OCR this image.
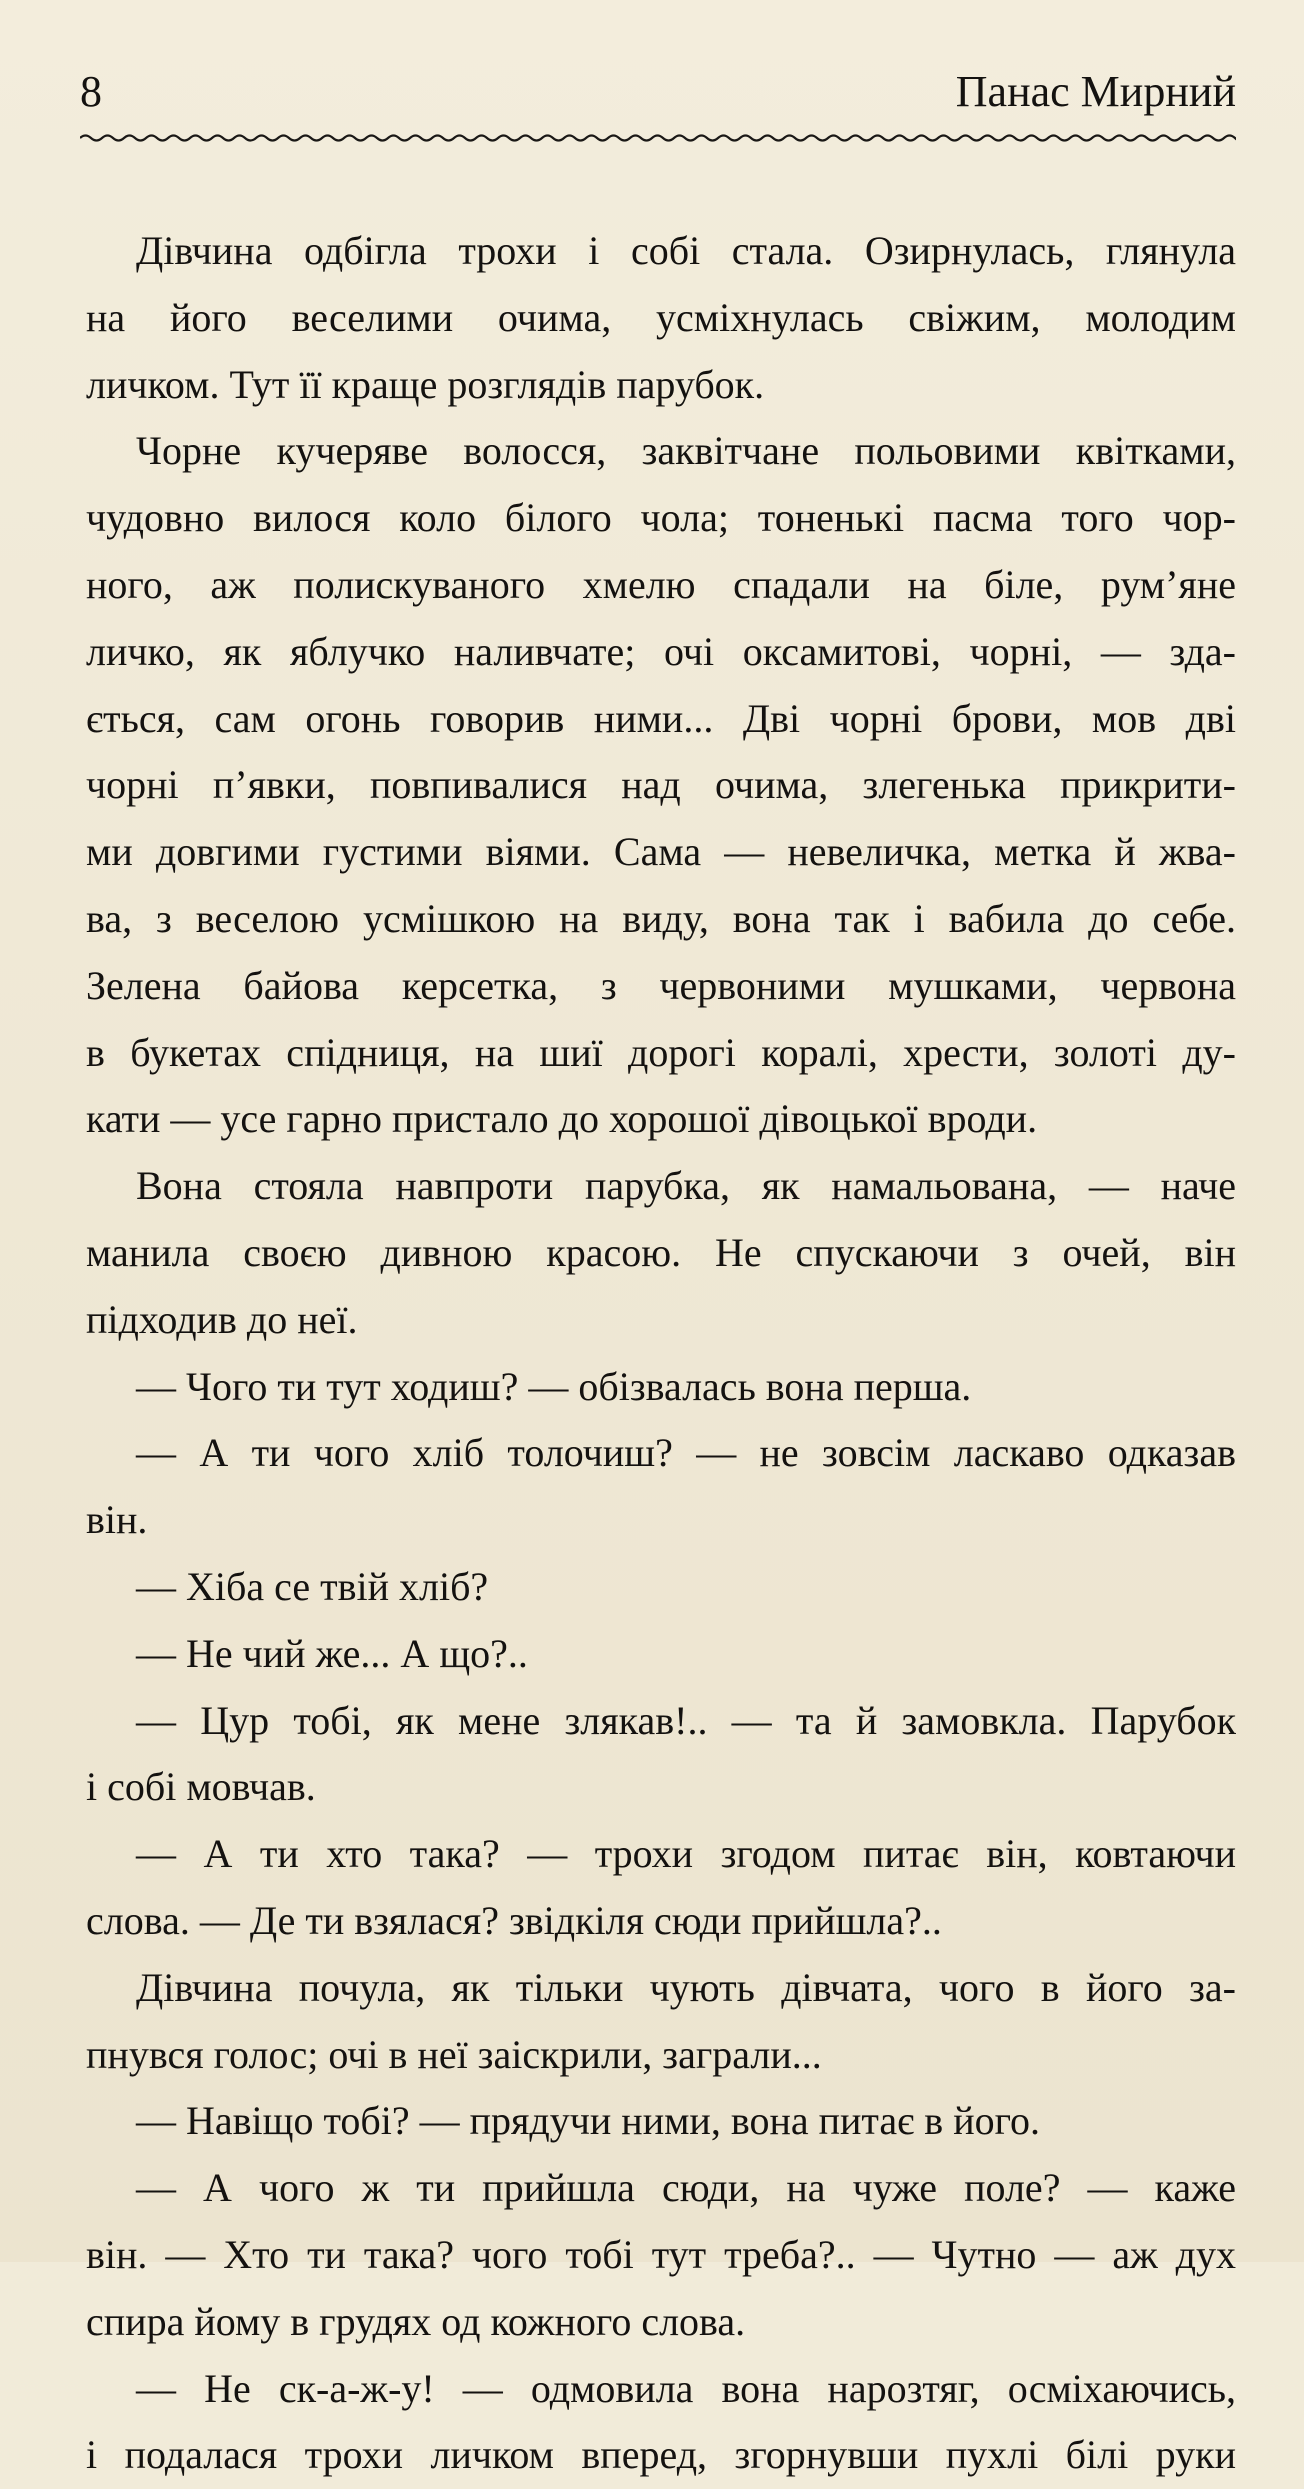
8	Панас Мирний
Дівчина одбігла трохи і собі стала. Озирнулась, глянула
на його веселими очима, усміхнулась свіжим, молодим
личком. Тут її краще розглядів парубок.
Чорне кучеряве волосся, заквітчане польовими квітками,
чудовно вилося коло білого чола; тоненькі пасма того чор-
ного, аж полискуваного хмелю спадали на біле, рум’яне
личко, як яблучко наливчате; очі оксамитові, чорні, — зда-
ється, сам огонь говорив ними... Дві чорні брови, мов дві
чорні п’явки, повпивалися над очима, злегенька прикрити-
ми довгими густими віями. Сама — невеличка, метка й жва-
ва, з веселою усмішкою на виду, вона так і вабила до себе.
Зелена байова керсетка, з червоними мушками, червона
в букетах спідниця, на шиї дорогі коралі, хрести, золоті ду-
кати — усе гарно пристало до хорошої дівоцької вроди.
Вона стояла навпроти парубка, як намальована, — наче
манила своєю дивною красою. Не спускаючи з очей, він
підходив до неї.
— Чого ти тут ходиш? — обізвалась вона перша.
— А ти чого хліб толочиш? — не зовсім ласкаво одказав
він.
— Хіба се твій хліб?
— Не чий же... А що?..
— Цур тобі, як мене злякав!.. — та й замовкла. Парубок
і собі мовчав.
— А ти хто така? — трохи згодом питає він, ковтаючи
слова. — Де ти взялася? звідкіля сюди прийшла?..
Дівчина почула, як тільки чують дівчата, чого в його за-
пнувся голос; очі в неї заіскрили, заграли...
— Навіщо тобі? — прядучи ними, вона питає в його.
— А чого ж ти прийшла сюди, на чуже поле? — каже
він. — Хто ти така? чого тобі тут треба?.. — Чутно — аж дух
спира йому в грудях од кожного слова.
— Не ск-а-ж-у! — одмовила вона нарозтяг, осміхаючись,
і подалася трохи личком вперед, згорнувши пухлі білі руки
